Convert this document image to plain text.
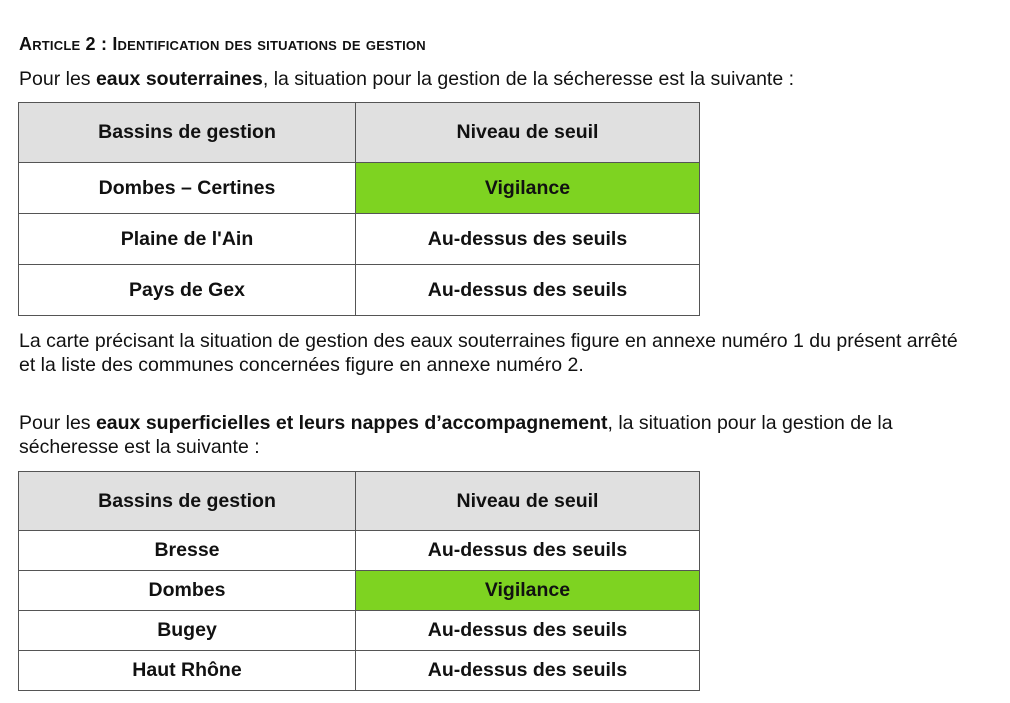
Article 2 : Identification des situations de gestion

Pour les eaux souterraines, la situation pour la gestion de la sécheresse est la suivante :

Bassins de gestion	Niveau de seuil
Dombes – Certines	Vigilance
Plaine de l'Ain	Au-dessus des seuils
Pays de Gex	Au-dessus des seuils

La carte précisant la situation de gestion des eaux souterraines figure en annexe numéro 1 du présent arrêté et la liste des communes concernées figure en annexe numéro 2.

Pour les eaux superficielles et leurs nappes d’accompagnement, la situation pour la gestion de la sécheresse est la suivante :

Bassins de gestion	Niveau de seuil
Bresse	Au-dessus des seuils
Dombes	Vigilance
Bugey	Au-dessus des seuils
Haut Rhône	Au-dessus des seuils
